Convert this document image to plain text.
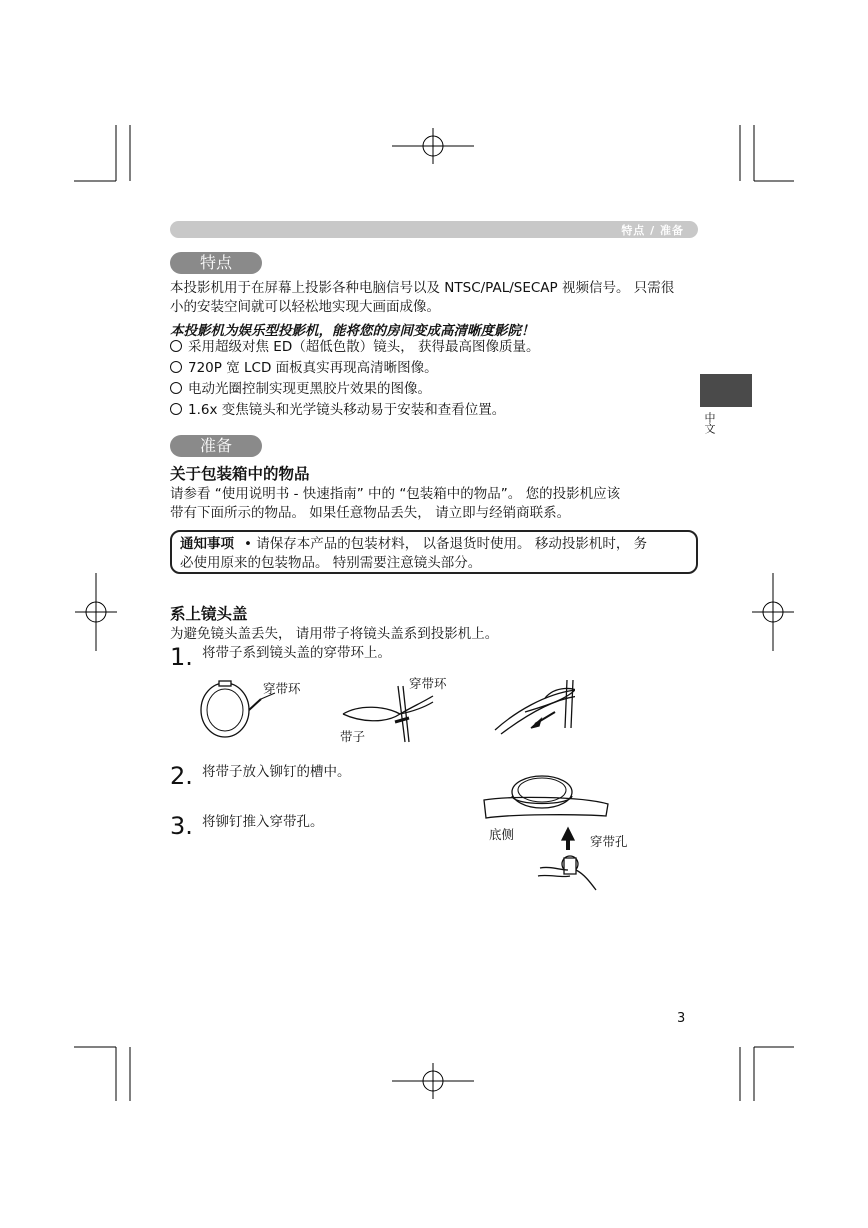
特点 / 准备
中文
特点
本投影机用于在屏幕上投影各种电脑信号以及 NTSC/PAL/SECAP 视频信号。 只需很
小的安装空间就可以轻松地实现大画面成像。
本投影机为娱乐型投影机，能将您的房间变成高清晰度影院！
采用超级对焦 ED（超低色散）镜头， 获得最高图像质量。
720P 宽 LCD 面板真实再现高清晰图像。
电动光圈控制实现更黑胶片效果的图像。
1.6x 变焦镜头和光学镜头移动易于安装和查看位置。
准备
关于包装箱中的物品
请参看 “使用说明书 - 快速指南” 中的 “包装箱中的物品”。 您的投影机应该
带有下面所示的物品。 如果任意物品丢失， 请立即与经销商联系。
通知事项 • 请保存本产品的包装材料， 以备退货时使用。 移动投影机时， 务
必使用原来的包装物品。 特别需要注意镜头部分。
系上镜头盖
为避免镜头盖丢失， 请用带子将镜头盖系到投影机上。
1. $^{将带子系到镜头盖的穿带环上。}$
穿带环	穿带环
带子
2. $^{将带子放入铆钉的槽中。}$
3. $^{将铆钉推入穿带孔。}$
底侧	穿带孔
3
